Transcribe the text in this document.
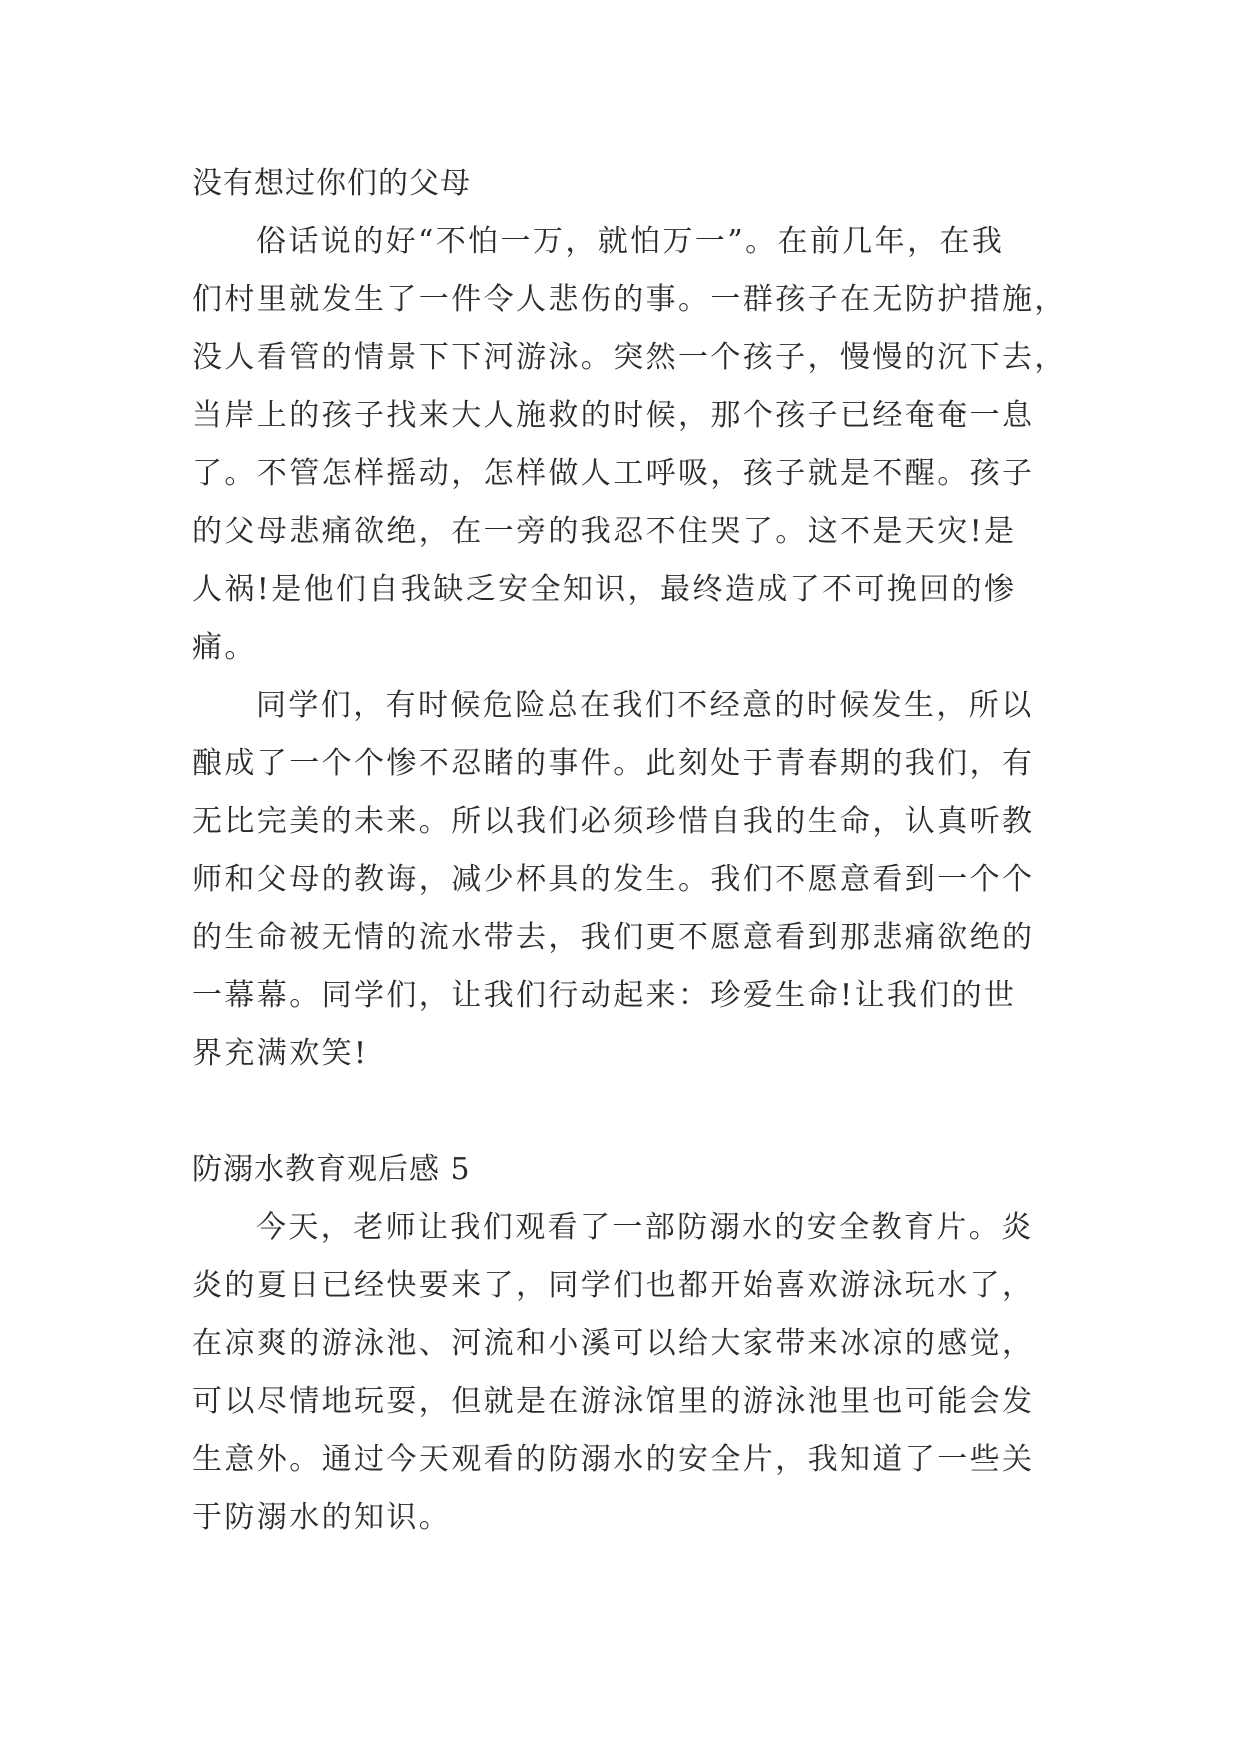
没有想过你们的父母
俗话说的好“不怕一万，就怕万一”。在前几年，在我
们村里就发生了一件令人悲伤的事。一群孩子在无防护措施，
没人看管的情景下下河游泳。突然一个孩子，慢慢的沉下去，
当岸上的孩子找来大人施救的时候，那个孩子已经奄奄一息
了。不管怎样摇动，怎样做人工呼吸，孩子就是不醒。孩子
的父母悲痛欲绝，在一旁的我忍不住哭了。这不是天灾!是
人祸!是他们自我缺乏安全知识，最终造成了不可挽回的惨
痛。
同学们，有时候危险总在我们不经意的时候发生，所以
酿成了一个个惨不忍睹的事件。此刻处于青春期的我们，有
无比完美的未来。所以我们必须珍惜自我的生命，认真听教
师和父母的教诲，减少杯具的发生。我们不愿意看到一个个
的生命被无情的流水带去，我们更不愿意看到那悲痛欲绝的
一幕幕。同学们，让我们行动起来：珍爱生命!让我们的世
界充满欢笑!
防溺水教育观后感 5
今天，老师让我们观看了一部防溺水的安全教育片。炎
炎的夏日已经快要来了，同学们也都开始喜欢游泳玩水了，
在凉爽的游泳池、河流和小溪可以给大家带来冰凉的感觉，
可以尽情地玩耍，但就是在游泳馆里的游泳池里也可能会发
生意外。通过今天观看的防溺水的安全片，我知道了一些关
于防溺水的知识。
